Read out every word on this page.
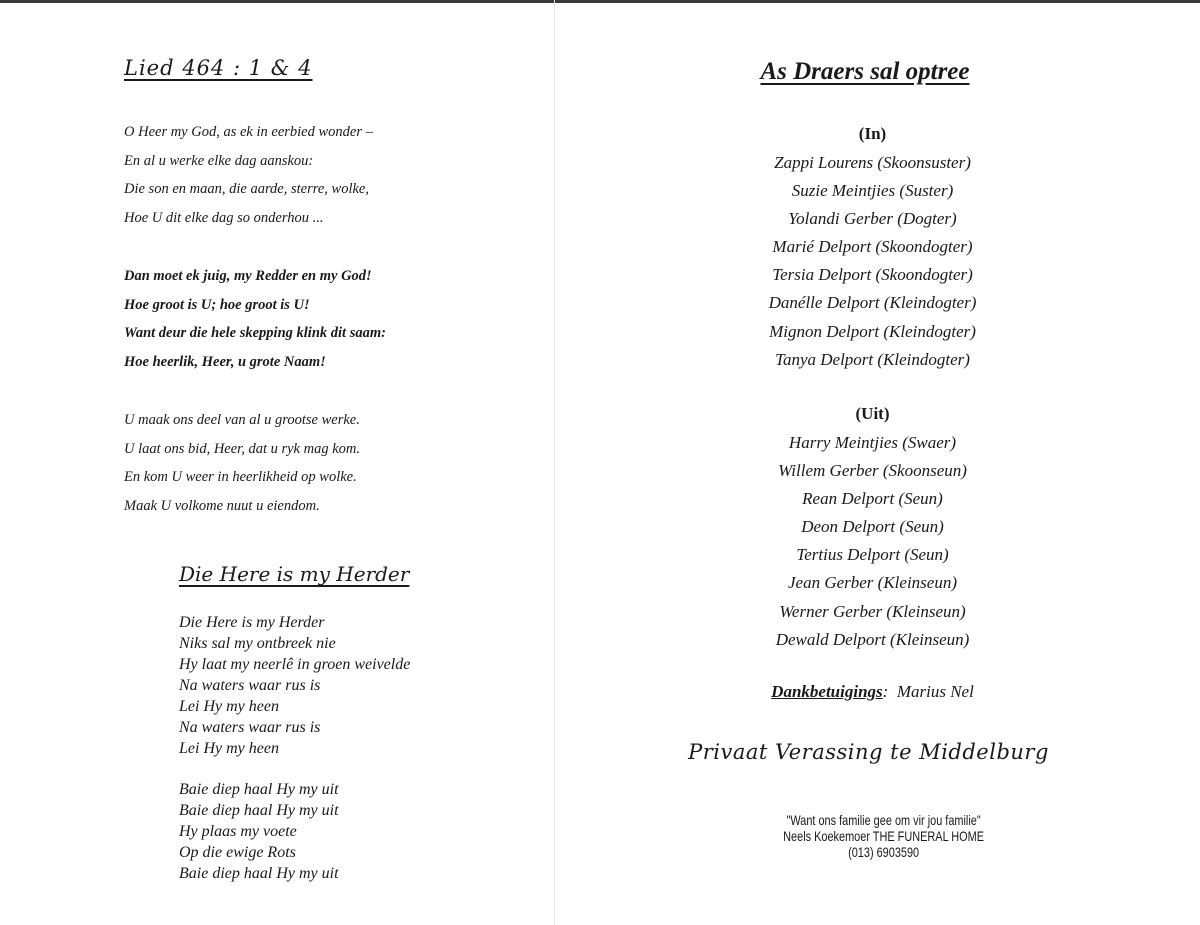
Lied 464 : 1 & 4
O Heer my God, as ek in eerbied wonder –
En al u werke elke dag aanskou:
Die son en maan, die aarde, sterre, wolke,
Hoe U dit elke dag so onderhou ...
Dan moet ek juig, my Redder en my God!
Hoe groot is U; hoe groot is U!
Want deur die hele skepping klink dit saam:
Hoe heerlik, Heer, u grote Naam!
U maak ons deel van al u grootse werke.
U laat ons bid, Heer, dat u ryk mag kom.
En kom U weer in heerlikheid op wolke.
Maak U volkome nuut u eiendom.
Die Here is my Herder
Die Here is my Herder
Niks sal my ontbreek nie
Hy laat my neerlê in groen weivelde
Na waters waar rus is
Lei Hy my heen
Na waters waar rus is
Lei Hy my heen
Baie diep haal Hy my uit
Baie diep haal Hy my uit
Hy plaas my voete
Op die ewige Rots
Baie diep haal Hy my uit
As Draers sal optree
(In)
Zappi Lourens (Skoonsuster)
Suzie Meintjies (Suster)
Yolandi Gerber (Dogter)
Marié Delport (Skoondogter)
Tersia Delport (Skoondogter)
Danélle Delport (Kleindogter)
Mignon Delport (Kleindogter)
Tanya Delport (Kleindogter)
(Uit)
Harry Meintjies (Swaer)
Willem Gerber (Skoonseun)
Rean Delport (Seun)
Deon Delport (Seun)
Tertius Delport (Seun)
Jean Gerber (Kleinseun)
Werner Gerber (Kleinseun)
Dewald Delport (Kleinseun)
Dankbetuigings: Marius Nel
Privaat Verassing te Middelburg
"Want ons familie gee om vir jou familie"
Neels Koekemoer THE FUNERAL HOME
(013) 6903590
